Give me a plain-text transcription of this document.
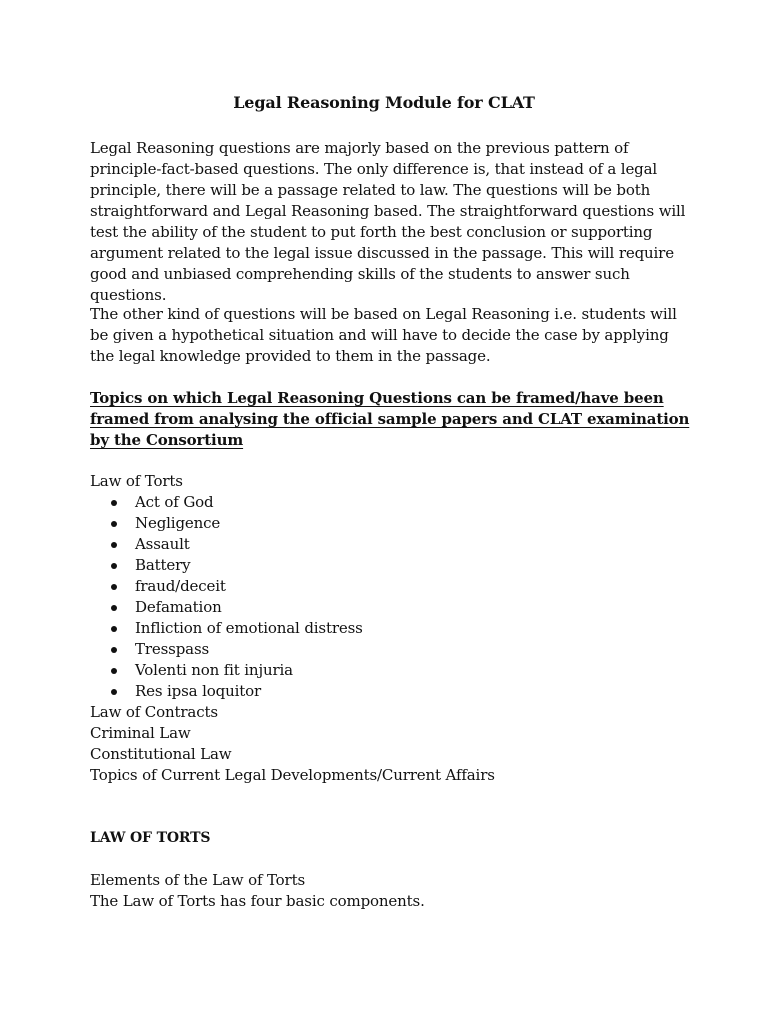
Legal Reasoning Module for CLAT

Legal Reasoning questions are majorly based on the previous pattern of principle-fact-based questions. The only difference is, that instead of a legal principle, there will be a passage related to law. The questions will be both straightforward and Legal Reasoning based. The straightforward questions will test the ability of the student to put forth the best conclusion or supporting argument related to the legal issue discussed in the passage. This will require good and unbiased comprehending skills of the students to answer such questions.

The other kind of questions will be based on Legal Reasoning i.e. students will be given a hypothetical situation and will have to decide the case by applying the legal knowledge provided to them in the passage.

Topics on which Legal Reasoning Questions can be framed/have been framed from analysing the official sample papers and CLAT examination by the Consortium

Law of Torts

Act of God
Negligence
Assault
Battery
fraud/deceit
Defamation
Infliction of emotional distress
Tresspass
Volenti non fit injuria
Res ipsa loquitor
Law of Contracts
Criminal Law
Constitutional Law
Topics of Current Legal Developments/Current Affairs
LAW OF TORTS
Elements of the Law of Torts
The Law of Torts has four basic components.
